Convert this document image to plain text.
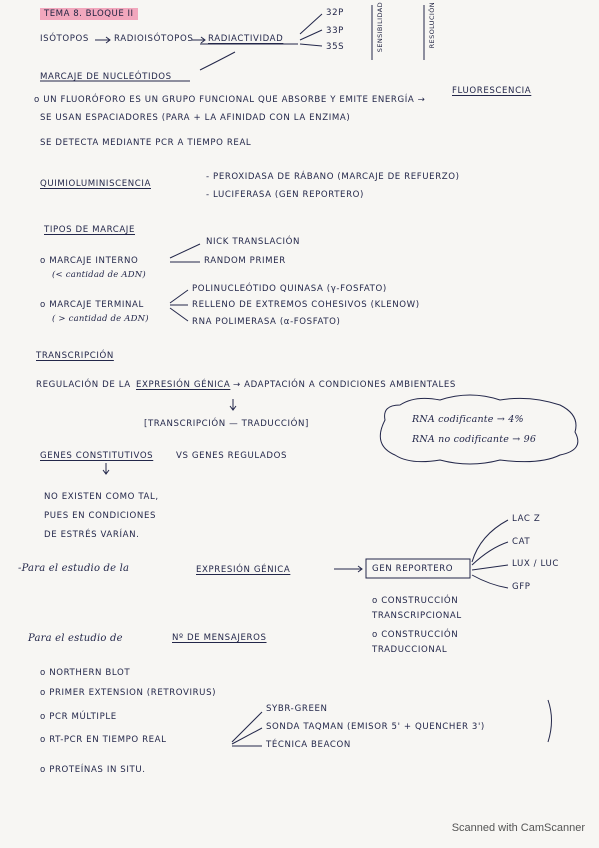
TEMA 8. BLOQUE II
ISÓTOPOS	RADIOISÓTOPOS RADIACTIVIDAD
32P
33P
35S	SENSIBILIDAD	RESOLUCIÓN
MARCAJE DE NUCLEÓTIDOS
o UN FLUORÓFORO ES UN GRUPO FUNCIONAL QUE ABSORBE Y EMITE ENERGÍA →
FLUORESCENCIA
SE USAN ESPACIADORES (PARA + LA AFINIDAD CON LA ENZIMA)
SE DETECTA MEDIANTE PCR A TIEMPO REAL
QUIMIOLUMINISCENCIA
- PEROXIDASA DE RÁBANO (MARCAJE DE REFUERZO)
- LUCIFERASA (GEN REPORTERO)
TIPOS DE MARCAJE
o MARCAJE INTERNO
(< cantidad de ADN)
NICK TRANSLACIÓN
RANDOM PRIMER
o MARCAJE TERMINAL
( > cantidad de ADN)
POLINUCLEÓTIDO QUINASA (γ-FOSFATO)
RELLENO DE EXTREMOS COHESIVOS (KLENOW)
RNA POLIMERASA (α-FOSFATO)
TRANSCRIPCIÓN
REGULACIÓN DE LA EXPRESIÓN GÉNICA → ADAPTACIÓN A CONDICIONES AMBIENTALES
[TRANSCRIPCIÓN — TRADUCCIÓN]	RNA codificante → 4%
RNA no codificante → 96
GENES CONSTITUTIVOS	VS GENES REGULADOS
NO EXISTEN COMO TAL,
PUES EN CONDICIONES
DE ESTRÉS VARÍAN.
-Para el estudio de la	EXPRESIÓN GÉNICA	GEN REPORTERO
LAC Z
CAT
LUX / LUC
GFP
o CONSTRUCCIÓN TRANSCRIPCIONAL
o CONSTRUCCIÓN TRADUCCIONAL
Para el estudio de	Nº DE MENSAJEROS
o NORTHERN BLOT
o PRIMER EXTENSION (RETROVIRUS)
o PCR MÚLTIPLE
o RT-PCR EN TIEMPO REAL
o PROTEÍNAS IN SITU.
SYBR-GREEN
SONDA TAQMAN (EMISOR 5' + QUENCHER 3')
TÉCNICA BEACON
Scanned with CamScanner
